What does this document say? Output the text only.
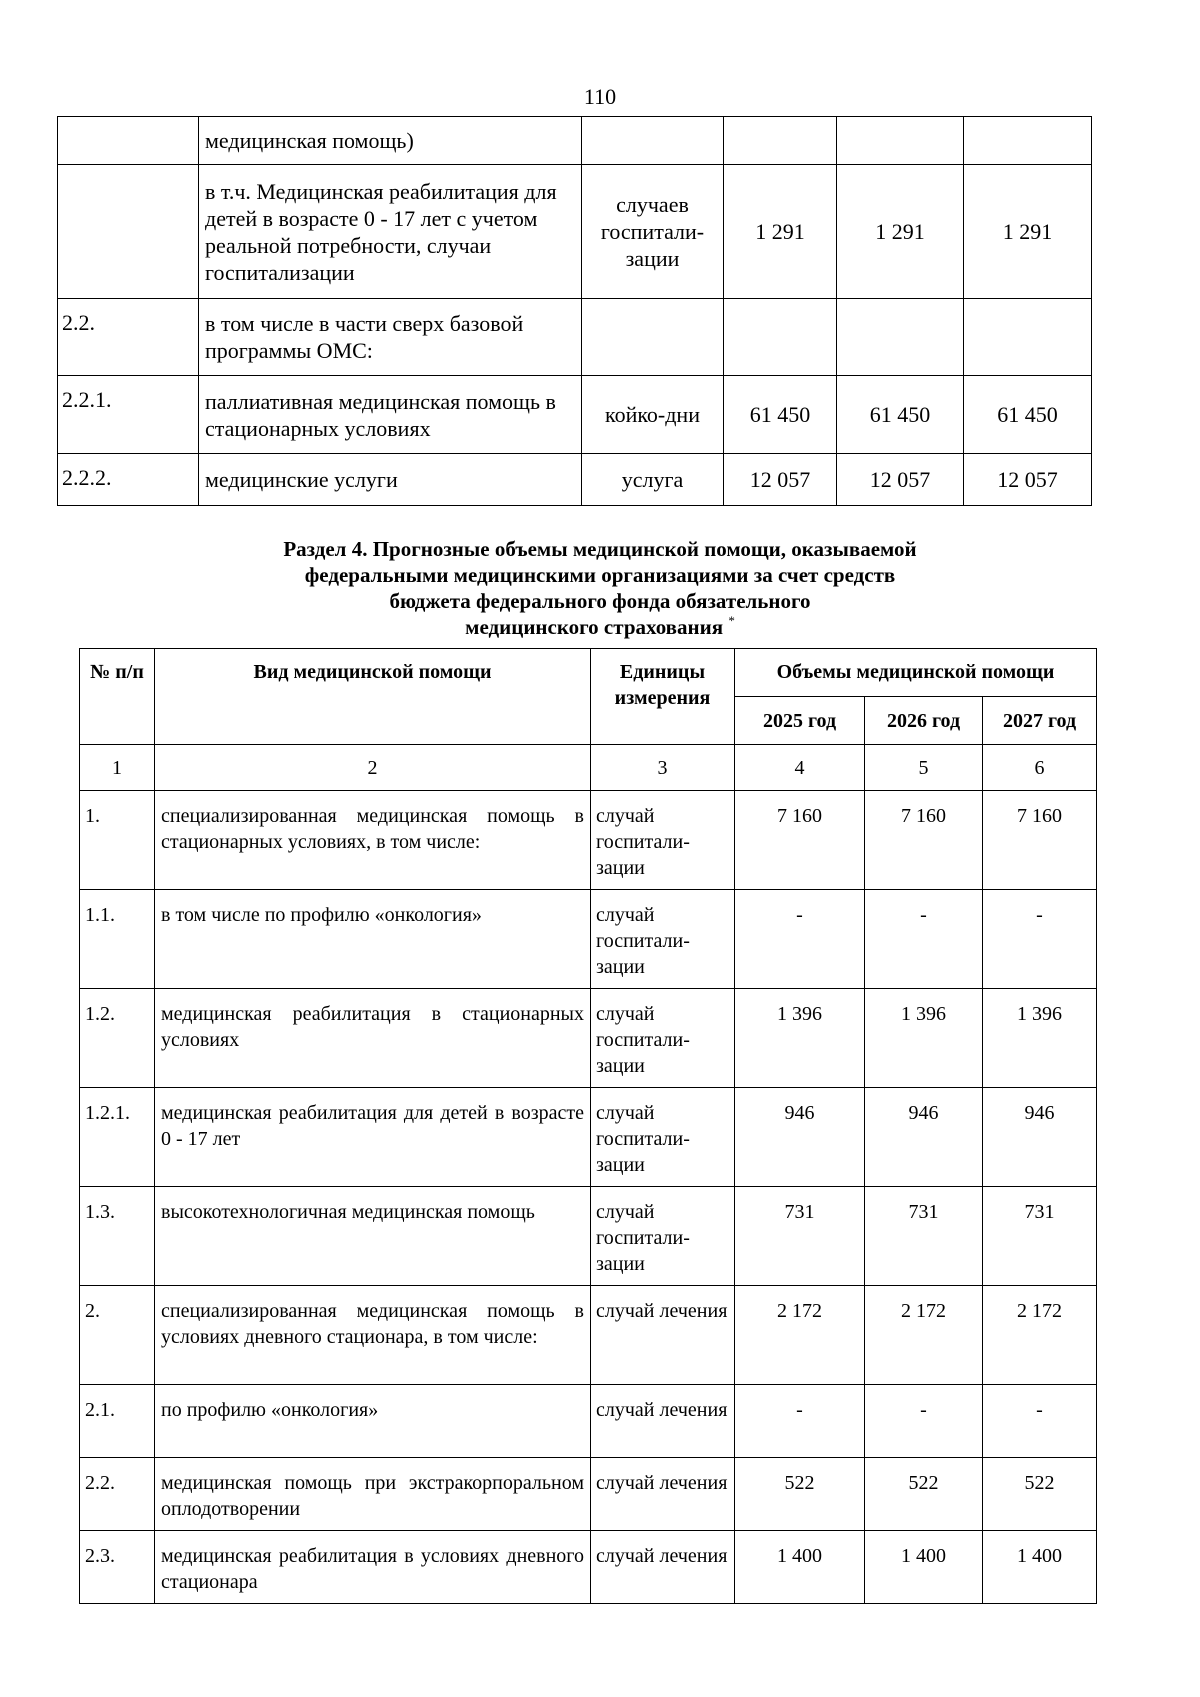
110
	медицинская помощь)				
	в т.ч. Медицинская реабилитация для детей в возрасте 0 - 17 лет с учетом реальной потребности, случаи госпитализации	случаев госпитали-зации	1 291	1 291	1 291
2.2.	в том числе в части сверх базовой программы ОМС:				
2.2.1.	паллиативная медицинская помощь в стационарных условиях	койко-дни	61 450	61 450	61 450
2.2.2.	медицинские услуги	услуга	12 057	12 057	12 057
Раздел 4. Прогнозные объемы медицинской помощи, оказываемой
федеральными медицинскими организациями за счет средств
бюджета федерального фонда обязательного
медицинского страхования *
№ п/п	Вид медицинской помощи	Единицы измерения	Объемы медицинской помощи		
			2025 год	2026 год	2027 год
1	2	3	4	5	6
1.	специализированная медицинская помощь в стационарных условиях, в том числе:	случай госпитали-зации	7 160	7 160	7 160
1.1.	в том числе по профилю «онкология»	случай госпитали-зации	-	-	-
1.2.	медицинская реабилитация в стационарных условиях	случай госпитали-зации	1 396	1 396	1 396
1.2.1.	медицинская реабилитация для детей в возрасте 0 - 17 лет	случай госпитали-зации	946	946	946
1.3.	высокотехнологичная медицинская помощь	случай госпитали-зации	731	731	731
2.	специализированная медицинская помощь в условиях дневного стационара, в том числе:	случай лечения	2 172	2 172	2 172
2.1.	по профилю «онкология»	случай лечения	-	-	-
2.2.	медицинская помощь при экстракорпоральном оплодотворении	случай лечения	522	522	522
2.3.	медицинская реабилитация в условиях дневного стационара	случай лечения	1 400	1 400	1 400
